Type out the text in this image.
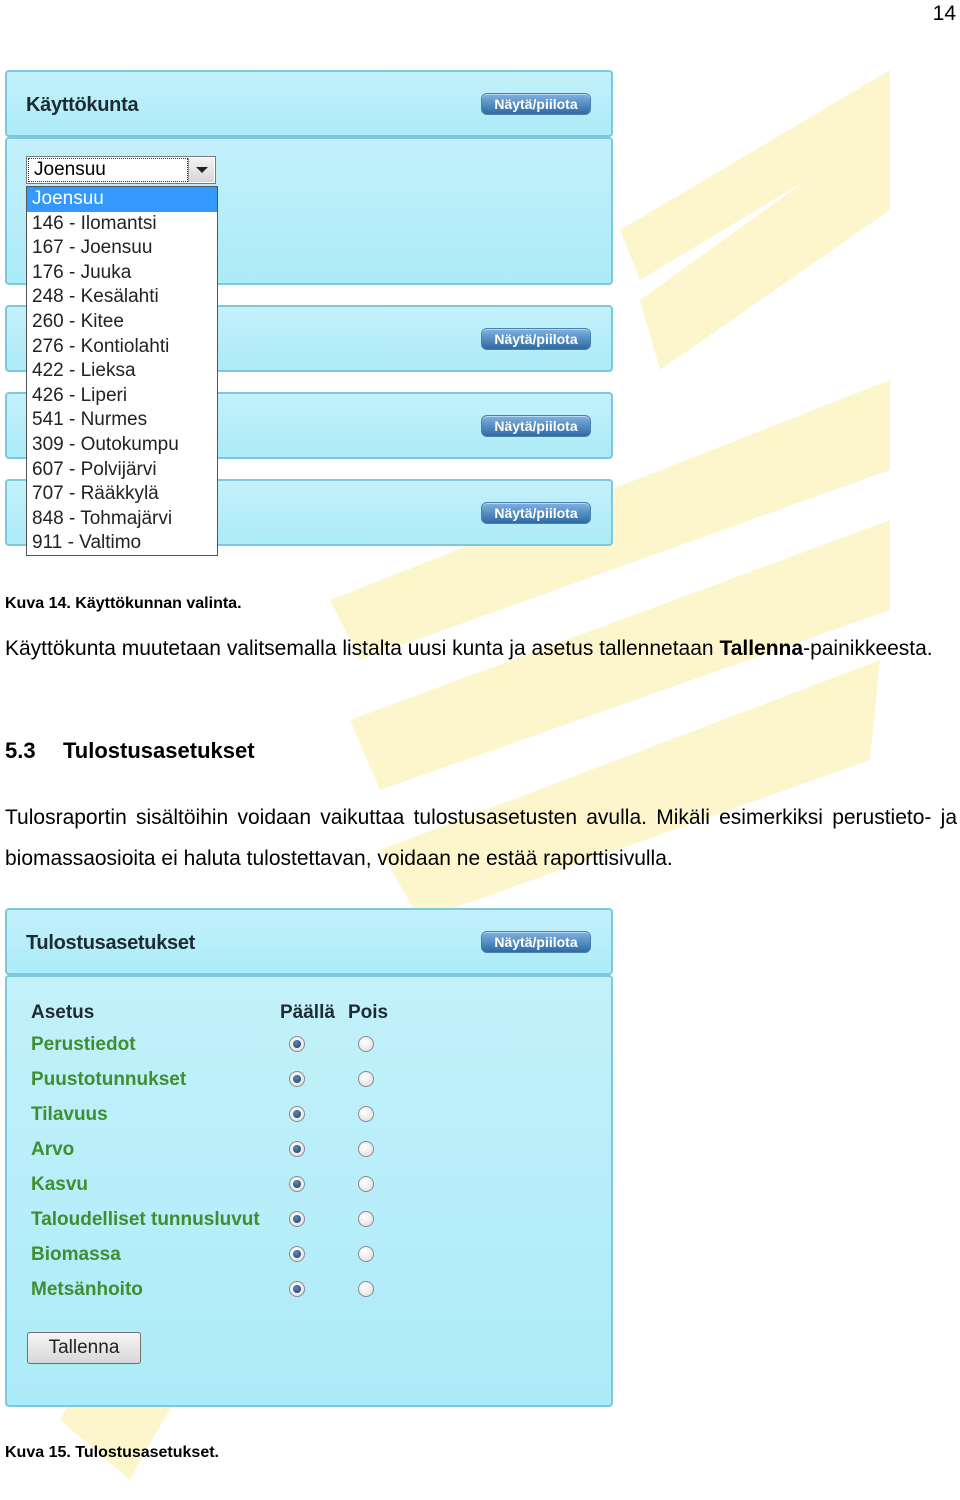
14
Käyttökunta	Näytä/piilota
Näytä/piilota
Näytä/piilota
Näytä/piilota
Joensuu
Joensuu
146 - Ilomantsi
167 - Joensuu
176 - Juuka
248 - Kesälahti
260 - Kitee
276 - Kontiolahti
422 - Lieksa
426 - Liperi
541 - Nurmes
309 - Outokumpu
607 - Polvijärvi
707 - Rääkkylä
848 - Tohmajärvi
911 - Valtimo
Kuva 14. Käyttökunnan valinta.
Käyttökunta muutetaan valitsemalla listalta uusi kunta ja asetus tallennetaan Tallenna-painikkeesta.
5.3 Tulostusasetukset
Tulosraportin sisältöihin voidaan vaikuttaa tulostusasetusten avulla. Mikäli esimerkiksi perustieto- ja biomassaosioita ei haluta tulostettavan, voidaan ne estää raporttisivulla.
Tulostusasetukset	Näytä/piilota
Asetus	Päällä Pois
Perustiedot
Puustotunnukset
Tilavuus
Arvo
Kasvu
Taloudelliset tunnusluvut
Biomassa
Metsänhoito
Tallenna
Kuva 15. Tulostusasetukset.
